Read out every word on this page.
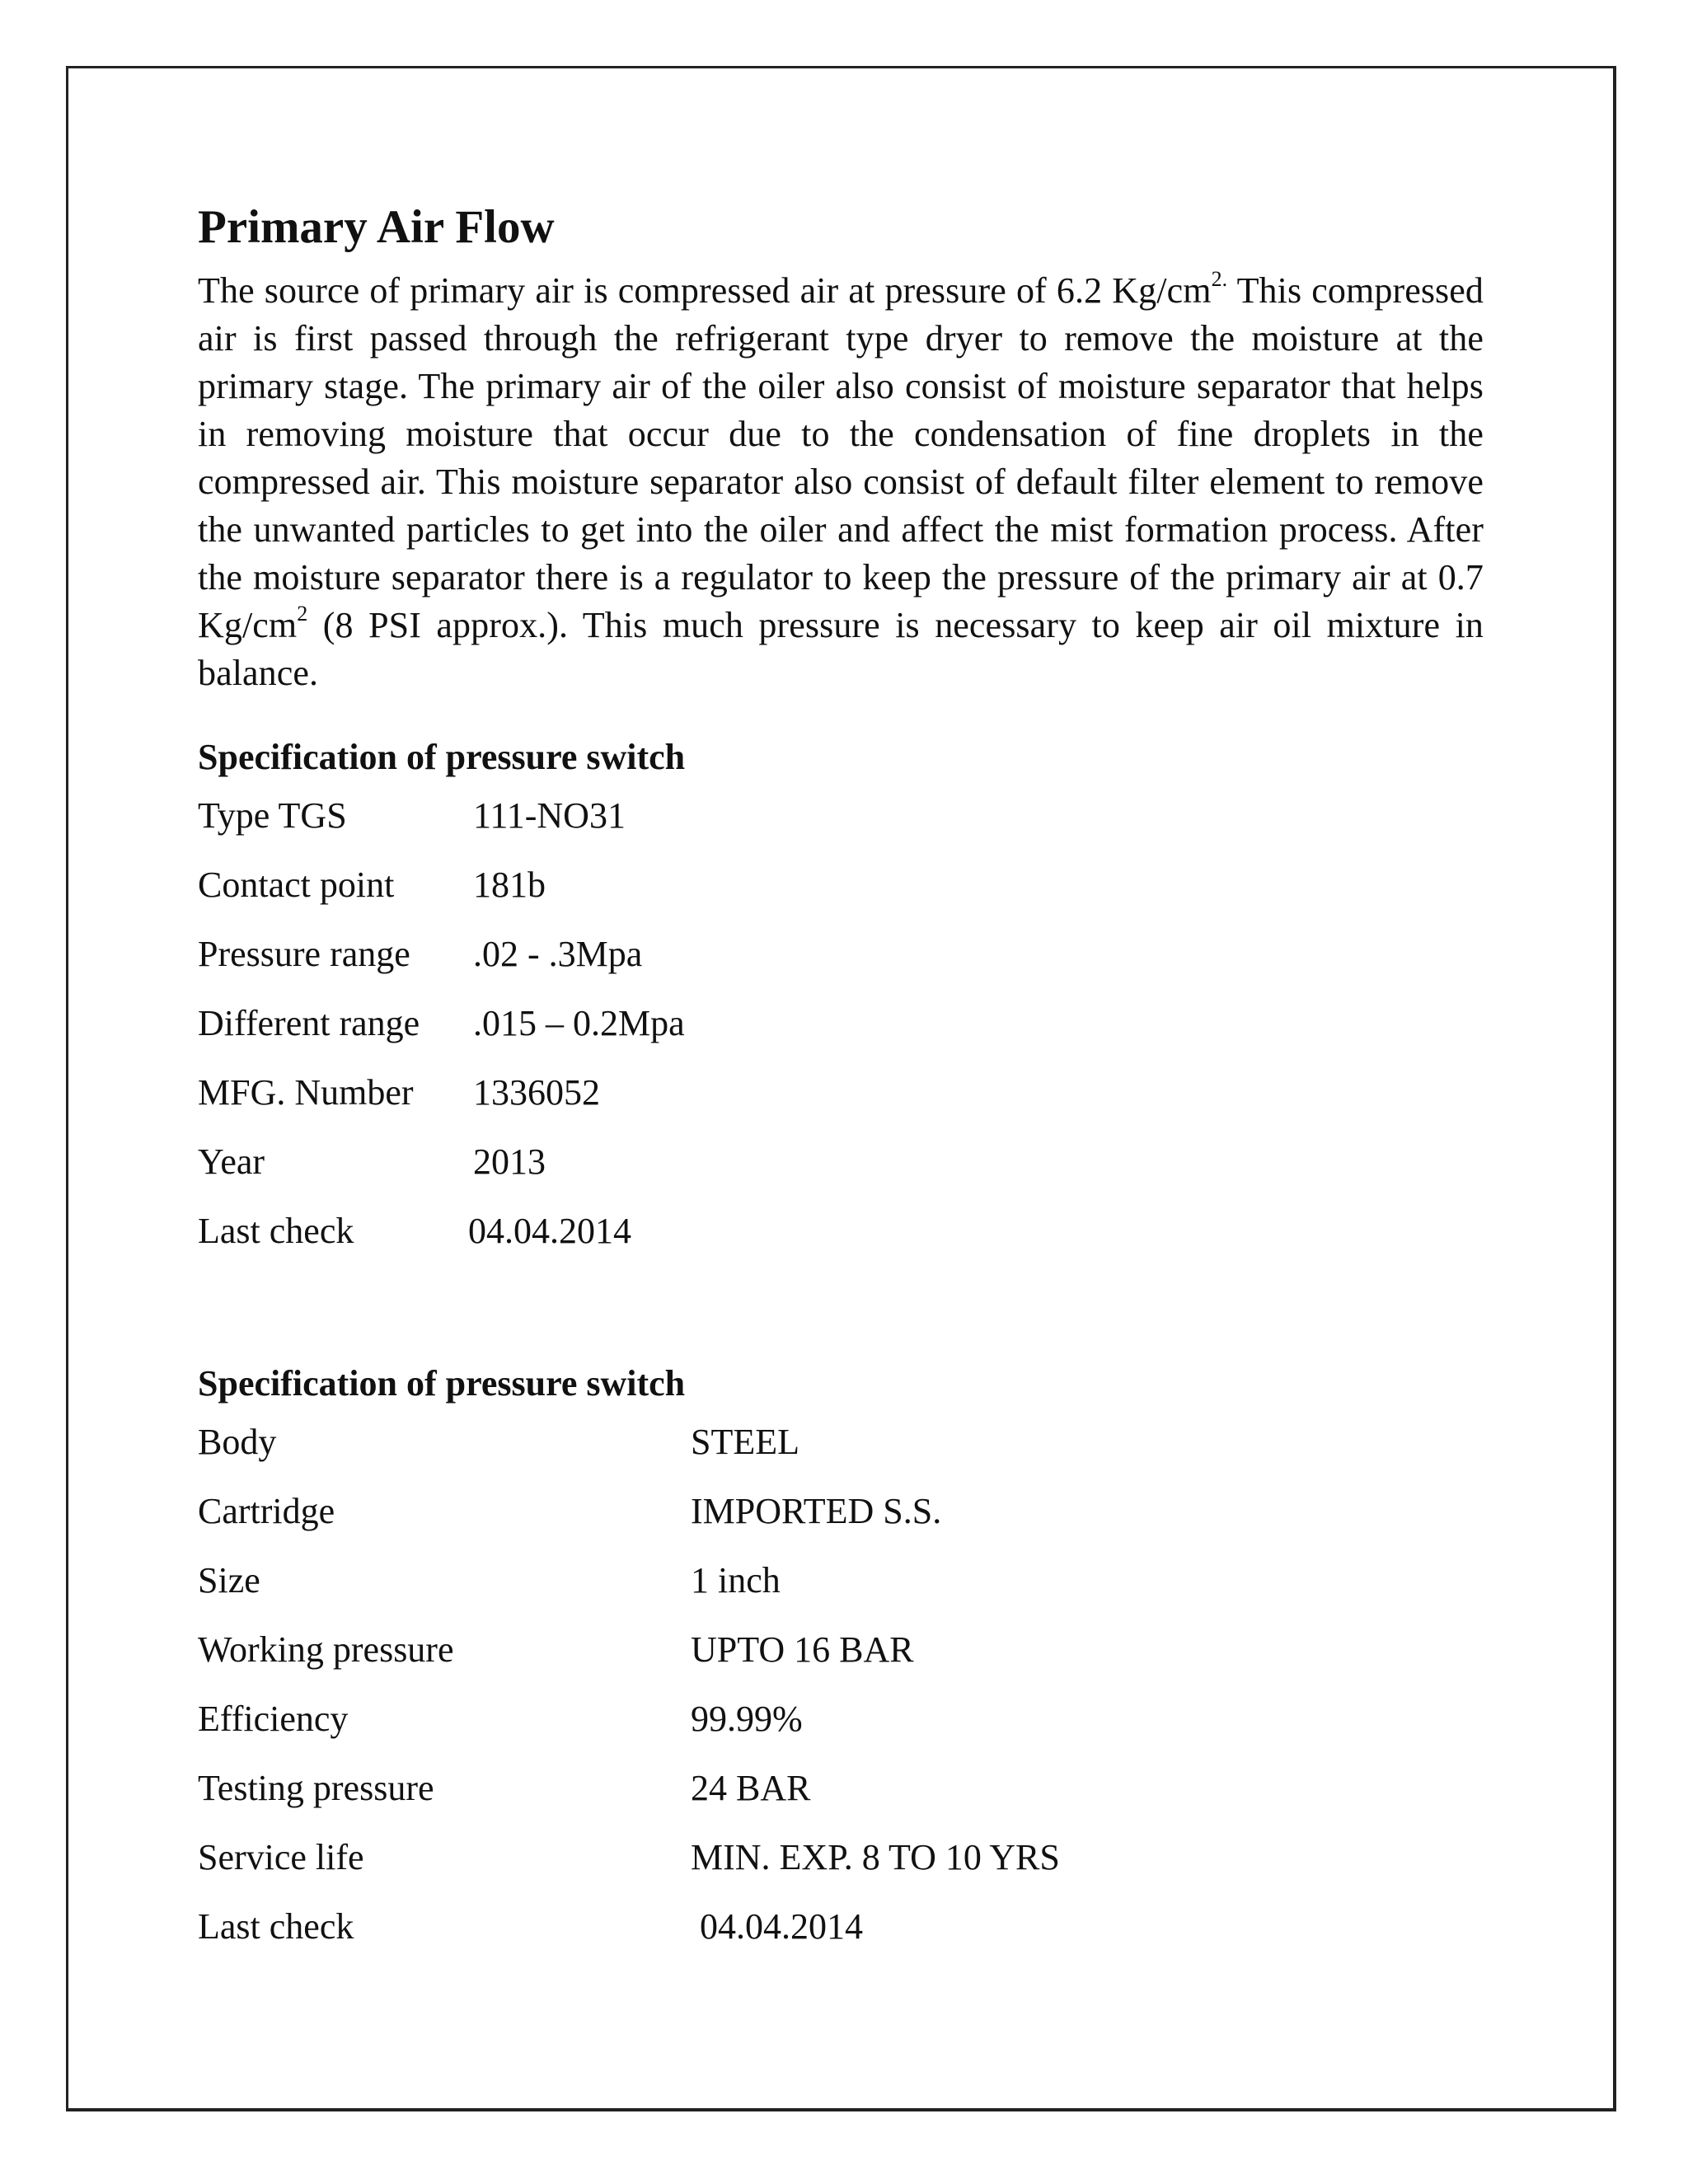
Primary Air Flow

The source of primary air is compressed air at pressure of 6.2 $Kg/cm^{2.}$ This compressed air is first passed through the refrigerant type dryer to remove the moisture at the primary stage. The primary air of the oiler also consist of moisture separator that helps in removing moisture that occur due to the condensation of fine droplets in the compressed air. This moisture separator also consist of default filter element to remove the unwanted particles to get into the oiler and affect the mist formation process. After the moisture separator there is a regulator to keep the pressure of the primary air at 0.7 $Kg/cm^2$ (8 PSI approx.). This much pressure is necessary to keep air oil mixture in balance.

Specification of pressure switch

Type TGS	111-NO31
Contact point	181b
Pressure range	.02 - .3Mpa
Different range	.015 – 0.2Mpa
MFG. Number	1336052
Year	2013
Last check	04.04.2014

Specification of pressure switch

Body	STEEL
Cartridge	IMPORTED S.S.
Size	1 inch
Working pressure	UPTO 16 BAR
Efficiency	99.99%
Testing pressure	24 BAR
Service life	MIN. EXP. 8 TO 10 YRS
Last check	04.04.2014
